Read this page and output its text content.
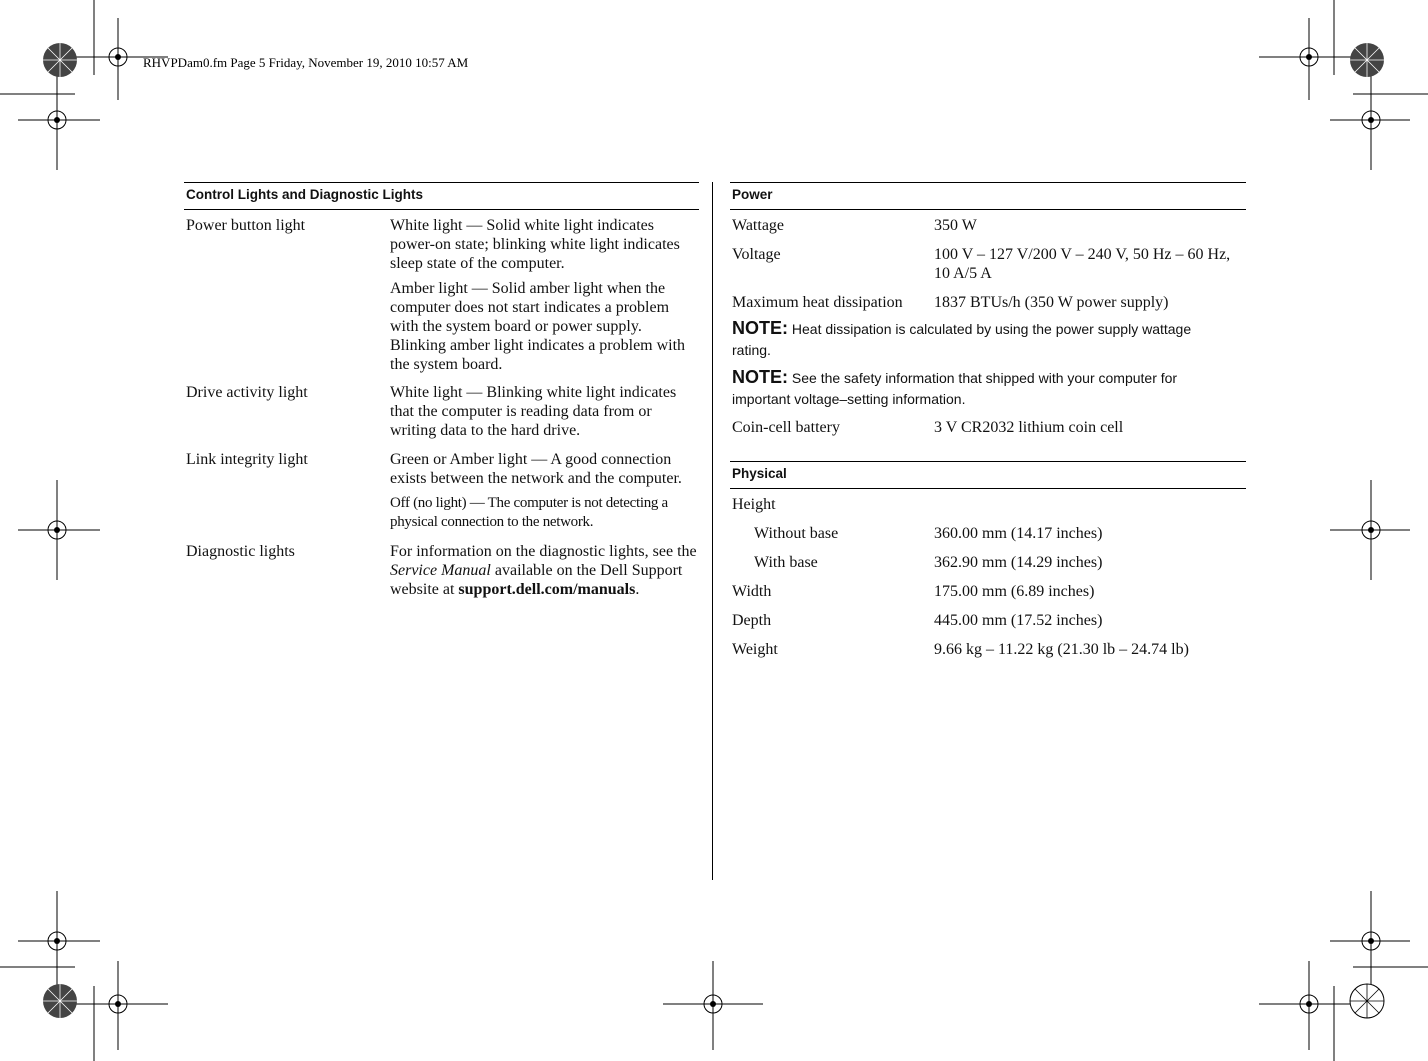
RHVPDam0.fm Page 5 Friday, November 19, 2010 10:57 AM
Control Lights and Diagnostic Lights
Power button light	White light — Solid white light indicates power-on state; blinking white light indicates sleep state of the computer.
Amber light — Solid amber light when the computer does not start indicates a problem with the system board or power supply. Blinking amber light indicates a problem with the system board.
Drive activity light	White light — Blinking white light indicates that the computer is reading data from or writing data to the hard drive.
Link integrity light	Green or Amber light — A good connection exists between the network and the computer.
Off (no light) — The computer is not detecting a physical connection to the network.
Diagnostic lights	For information on the diagnostic lights, see the Service Manual available on the Dell Support website at support.dell.com/manuals.
Power
Wattage	350 W
Voltage	100 V – 127 V/200 V – 240 V, 50 Hz – 60 Hz, 10 A/5 A
Maximum heat dissipation	1837 BTUs/h (350 W power supply)
NOTE: Heat dissipation is calculated by using the power supply wattage rating.
NOTE: See the safety information that shipped with your computer for important voltage–setting information.
Coin-cell battery	3 V CR2032 lithium coin cell
Physical
Height
Without base	360.00 mm (14.17 inches)
With base	362.90 mm (14.29 inches)
Width	175.00 mm (6.89 inches)
Depth	445.00 mm (17.52 inches)
Weight	9.66 kg – 11.22 kg (21.30 lb – 24.74 lb)
